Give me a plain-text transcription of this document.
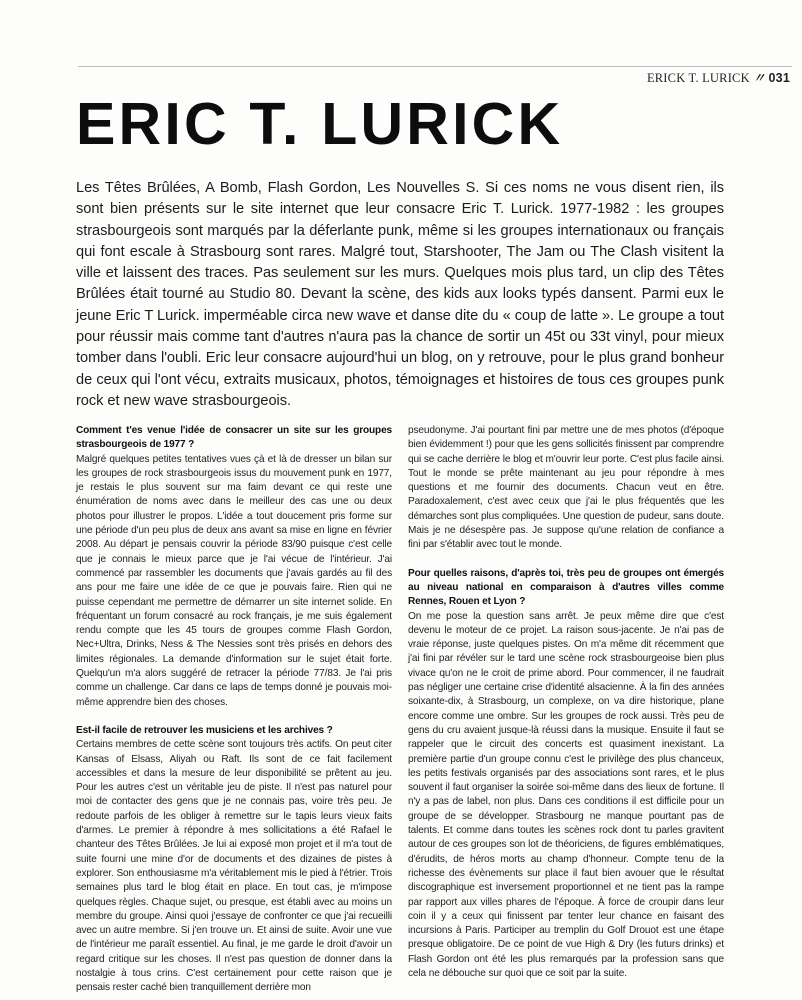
ERICK T. LURICK 〃 031
ERIC T. LURICK

Les Têtes Brûlées, A Bomb, Flash Gordon, Les Nouvelles S. Si ces noms ne vous disent rien, ils sont bien présents sur le site internet que leur consacre Eric T. Lurick. 1977-1982 : les groupes strasbourgeois sont marqués par la déferlante punk, même si les groupes internationaux ou français qui font escale à Strasbourg sont rares. Malgré tout, Starshooter, The Jam ou The Clash visitent la ville et laissent des traces. Pas seulement sur les murs. Quelques mois plus tard, un clip des Têtes Brûlées était tourné au Studio 80. Devant la scène, des kids aux looks typés dansent. Parmi eux le jeune Eric T Lurick. imperméable circa new wave et danse dite du « coup de latte ». Le groupe a tout pour réussir mais comme tant d'autres n'aura pas la chance de sortir un 45t ou 33t vinyl, pour mieux tomber dans l'oubli. Eric leur consacre aujourd'hui un blog, on y retrouve, pour le plus grand bonheur de ceux qui l'ont vécu, extraits musicaux, photos, témoignages et histoires de tous ces groupes punk rock et new wave strasbourgeois.

Comment t'es venue l'idée de consacrer un site sur les groupes strasbourgeois de 1977 ?

Malgré quelques petites tentatives vues çà et là de dresser un bilan sur les groupes de rock strasbourgeois issus du mouvement punk en 1977, je restais le plus souvent sur ma faim devant ce qui reste une énumération de noms avec dans le meilleur des cas une ou deux photos pour illustrer le propos. L'idée a tout doucement pris forme sur une période d'un peu plus de deux ans avant sa mise en ligne en février 2008. Au départ je pensais couvrir la période 83/90 puisque c'est celle que je connais le mieux parce que je l'ai vécue de l'intérieur. J'ai commencé par rassembler les documents que j'avais gardés au fil des ans pour me faire une idée de ce que je pouvais faire. Rien qui ne puisse cependant me permettre de démarrer un site internet solide. En fréquentant un forum consacré au rock français, je me suis également rendu compte que les 45 tours de groupes comme Flash Gordon, Nec+Ultra, Drinks, Ness & The Nessies sont très prisés en dehors des limites régionales. La demande d'information sur le sujet était forte. Quelqu'un m'a alors suggéré de retracer la période 77/83. Je l'ai pris comme un challenge. Car dans ce laps de temps donné je pouvais moi-même apprendre bien des choses.

Est-il facile de retrouver les musiciens et les archives ?

Certains membres de cette scène sont toujours très actifs. On peut citer Kansas of Elsass, Aliyah ou Raft. Ils sont de ce fait facilement accessibles et dans la mesure de leur disponibilité se prêtent au jeu. Pour les autres c'est un véritable jeu de piste. Il n'est pas naturel pour moi de contacter des gens que je ne connais pas, voire très peu. Je redoute parfois de les obliger à remettre sur le tapis leurs vieux faits d'armes. Le premier à répondre à mes sollicitations a été Rafael le chanteur des Têtes Brûlées. Je lui ai exposé mon projet et il m'a tout de suite fourni une mine d'or de documents et des dizaines de pistes à explorer. Son enthousiasme m'a véritablement mis le pied à l'étrier. Trois semaines plus tard le blog était en place. En tout cas, je m'impose quelques règles. Chaque sujet, ou presque, est établi avec au moins un membre du groupe. Ainsi quoi j'essaye de confronter ce que j'ai recueilli avec un autre membre. Si j'en trouve un. Et ainsi de suite. Avoir une vue de l'intérieur me paraît essentiel. Au final, je me garde le droit d'avoir un regard critique sur les choses. Il n'est pas question de donner dans la nostalgie à tous crins. C'est certainement pour cette raison que je pensais rester caché bien tranquillement derrière mon

pseudonyme. J'ai pourtant fini par mettre une de mes photos (d'époque bien évidemment !) pour que les gens sollicités finissent par comprendre qui se cache derrière le blog et m'ouvrir leur porte. C'est plus facile ainsi. Tout le monde se prête maintenant au jeu pour répondre à mes questions et me fournir des documents. Chacun veut en être. Paradoxalement, c'est avec ceux que j'ai le plus fréquentés que les démarches sont plus compliquées. Une question de pudeur, sans doute. Mais je ne désespère pas. Je suppose qu'une relation de confiance a fini par s'établir avec tout le monde.

Pour quelles raisons, d'après toi, très peu de groupes ont émergés au niveau national en comparaison à d'autres villes comme Rennes, Rouen et Lyon ?

On me pose la question sans arrêt. Je peux même dire que c'est devenu le moteur de ce projet. La raison sous-jacente. Je n'ai pas de vraie réponse, juste quelques pistes. On m'a même dit récemment que j'ai fini par révéler sur le tard une scène rock strasbourgeoise bien plus vivace qu'on ne le croit de prime abord. Pour commencer, il ne faudrait pas négliger une certaine crise d'identité alsacienne. À la fin des années soixante-dix, à Strasbourg, un complexe, on va dire historique, plane encore comme une ombre. Sur les groupes de rock aussi. Très peu de gens du cru avaient jusque-là réussi dans la musique. Ensuite il faut se rappeler que le circuit des concerts est quasiment inexistant. La première partie d'un groupe connu c'est le privilège des plus chanceux, les petits festivals organisés par des associations sont rares, et le plus souvent il faut organiser la soirée soi-même dans des lieux de fortune. Il n'y a pas de label, non plus. Dans ces conditions il est difficile pour un groupe de se développer. Strasbourg ne manque pourtant pas de talents. Et comme dans toutes les scènes rock dont tu parles gravitent autour de ces groupes son lot de théoriciens, de figures emblématiques, d'érudits, de héros morts au champ d'honneur. Compte tenu de la richesse des évènements sur place il faut bien avouer que le résultat discographique est inversement proportionnel et ne tient pas la rampe par rapport aux villes phares de l'époque. À force de croupir dans leur coin il y a ceux qui finissent par tenter leur chance en faisant des incursions à Paris. Participer au tremplin du Golf Drouot est une étape presque obligatoire. De ce point de vue High & Dry (les futurs drinks) et Flash Gordon ont été les plus remarqués par la profession sans que cela ne débouche sur quoi que ce soit par la suite.
